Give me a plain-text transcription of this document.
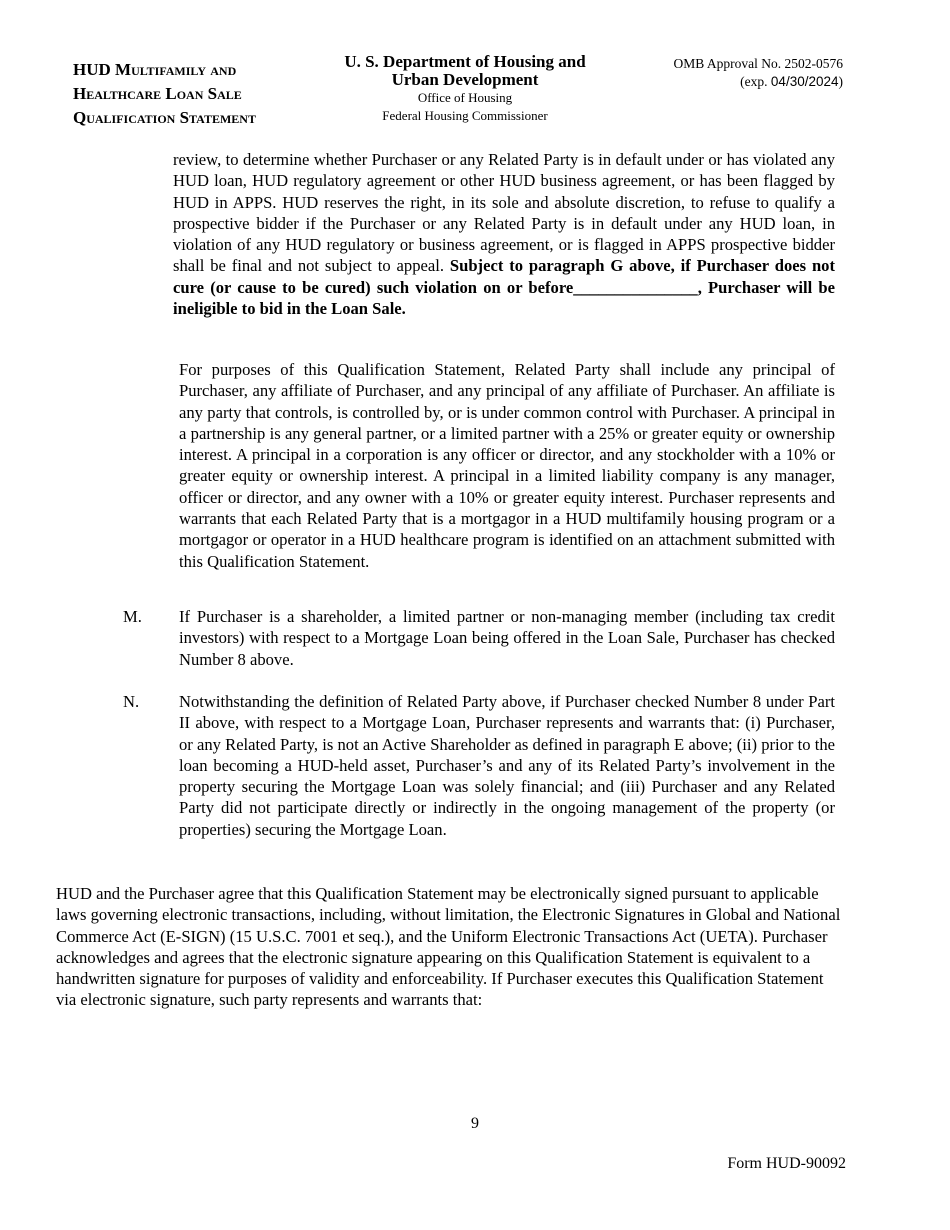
HUD Multifamily and
Healthcare Loan Sale
Qualification Statement
U. S. Department of Housing and
Urban Development
Office of Housing
Federal Housing Commissioner
OMB Approval No. 2502-0576
(exp. 04/30/2024)
review, to determine whether Purchaser or any Related Party is in default under or has violated any HUD loan, HUD regulatory agreement or other HUD business agreement, or has been flagged by HUD in APPS. HUD reserves the right, in its sole and absolute discretion, to refuse to qualify a prospective bidder if the Purchaser or any Related Party is in default under any HUD loan, in violation of any HUD regulatory or business agreement, or is flagged in APPS prospective bidder shall be final and not subject to appeal. Subject to paragraph G above, if Purchaser does not cure (or cause to be cured) such violation on or before_______________, Purchaser will be ineligible to bid in the Loan Sale.
For purposes of this Qualification Statement, Related Party shall include any principal of Purchaser, any affiliate of Purchaser, and any principal of any affiliate of Purchaser. An affiliate is any party that controls, is controlled by, or is under common control with Purchaser. A principal in a partnership is any general partner, or a limited partner with a 25% or greater equity or ownership interest. A principal in a corporation is any officer or director, and any stockholder with a 10% or greater equity or ownership interest. A principal in a limited liability company is any manager, officer or director, and any owner with a 10% or greater equity interest. Purchaser represents and warrants that each Related Party that is a mortgagor in a HUD multifamily housing program or a mortgagor or operator in a HUD healthcare program is identified on an attachment submitted with this Qualification Statement.
M. If Purchaser is a shareholder, a limited partner or non-managing member (including tax credit investors) with respect to a Mortgage Loan being offered in the Loan Sale, Purchaser has checked Number 8 above.
N. Notwithstanding the definition of Related Party above, if Purchaser checked Number 8 under Part II above, with respect to a Mortgage Loan, Purchaser represents and warrants that: (i) Purchaser, or any Related Party, is not an Active Shareholder as defined in paragraph E above; (ii) prior to the loan becoming a HUD-held asset, Purchaser’s and any of its Related Party’s involvement in the property securing the Mortgage Loan was solely financial; and (iii) Purchaser and any Related Party did not participate directly or indirectly in the ongoing management of the property (or properties) securing the Mortgage Loan.
HUD and the Purchaser agree that this Qualification Statement may be electronically signed pursuant to applicable laws governing electronic transactions, including, without limitation, the Electronic Signatures in Global and National Commerce Act (E-SIGN) (15 U.S.C. 7001 et seq.), and the Uniform Electronic Transactions Act (UETA). Purchaser acknowledges and agrees that the electronic signature appearing on this Qualification Statement is equivalent to a handwritten signature for purposes of validity and enforceability. If Purchaser executes this Qualification Statement via electronic signature, such party represents and warrants that:
9
Form HUD-90092
